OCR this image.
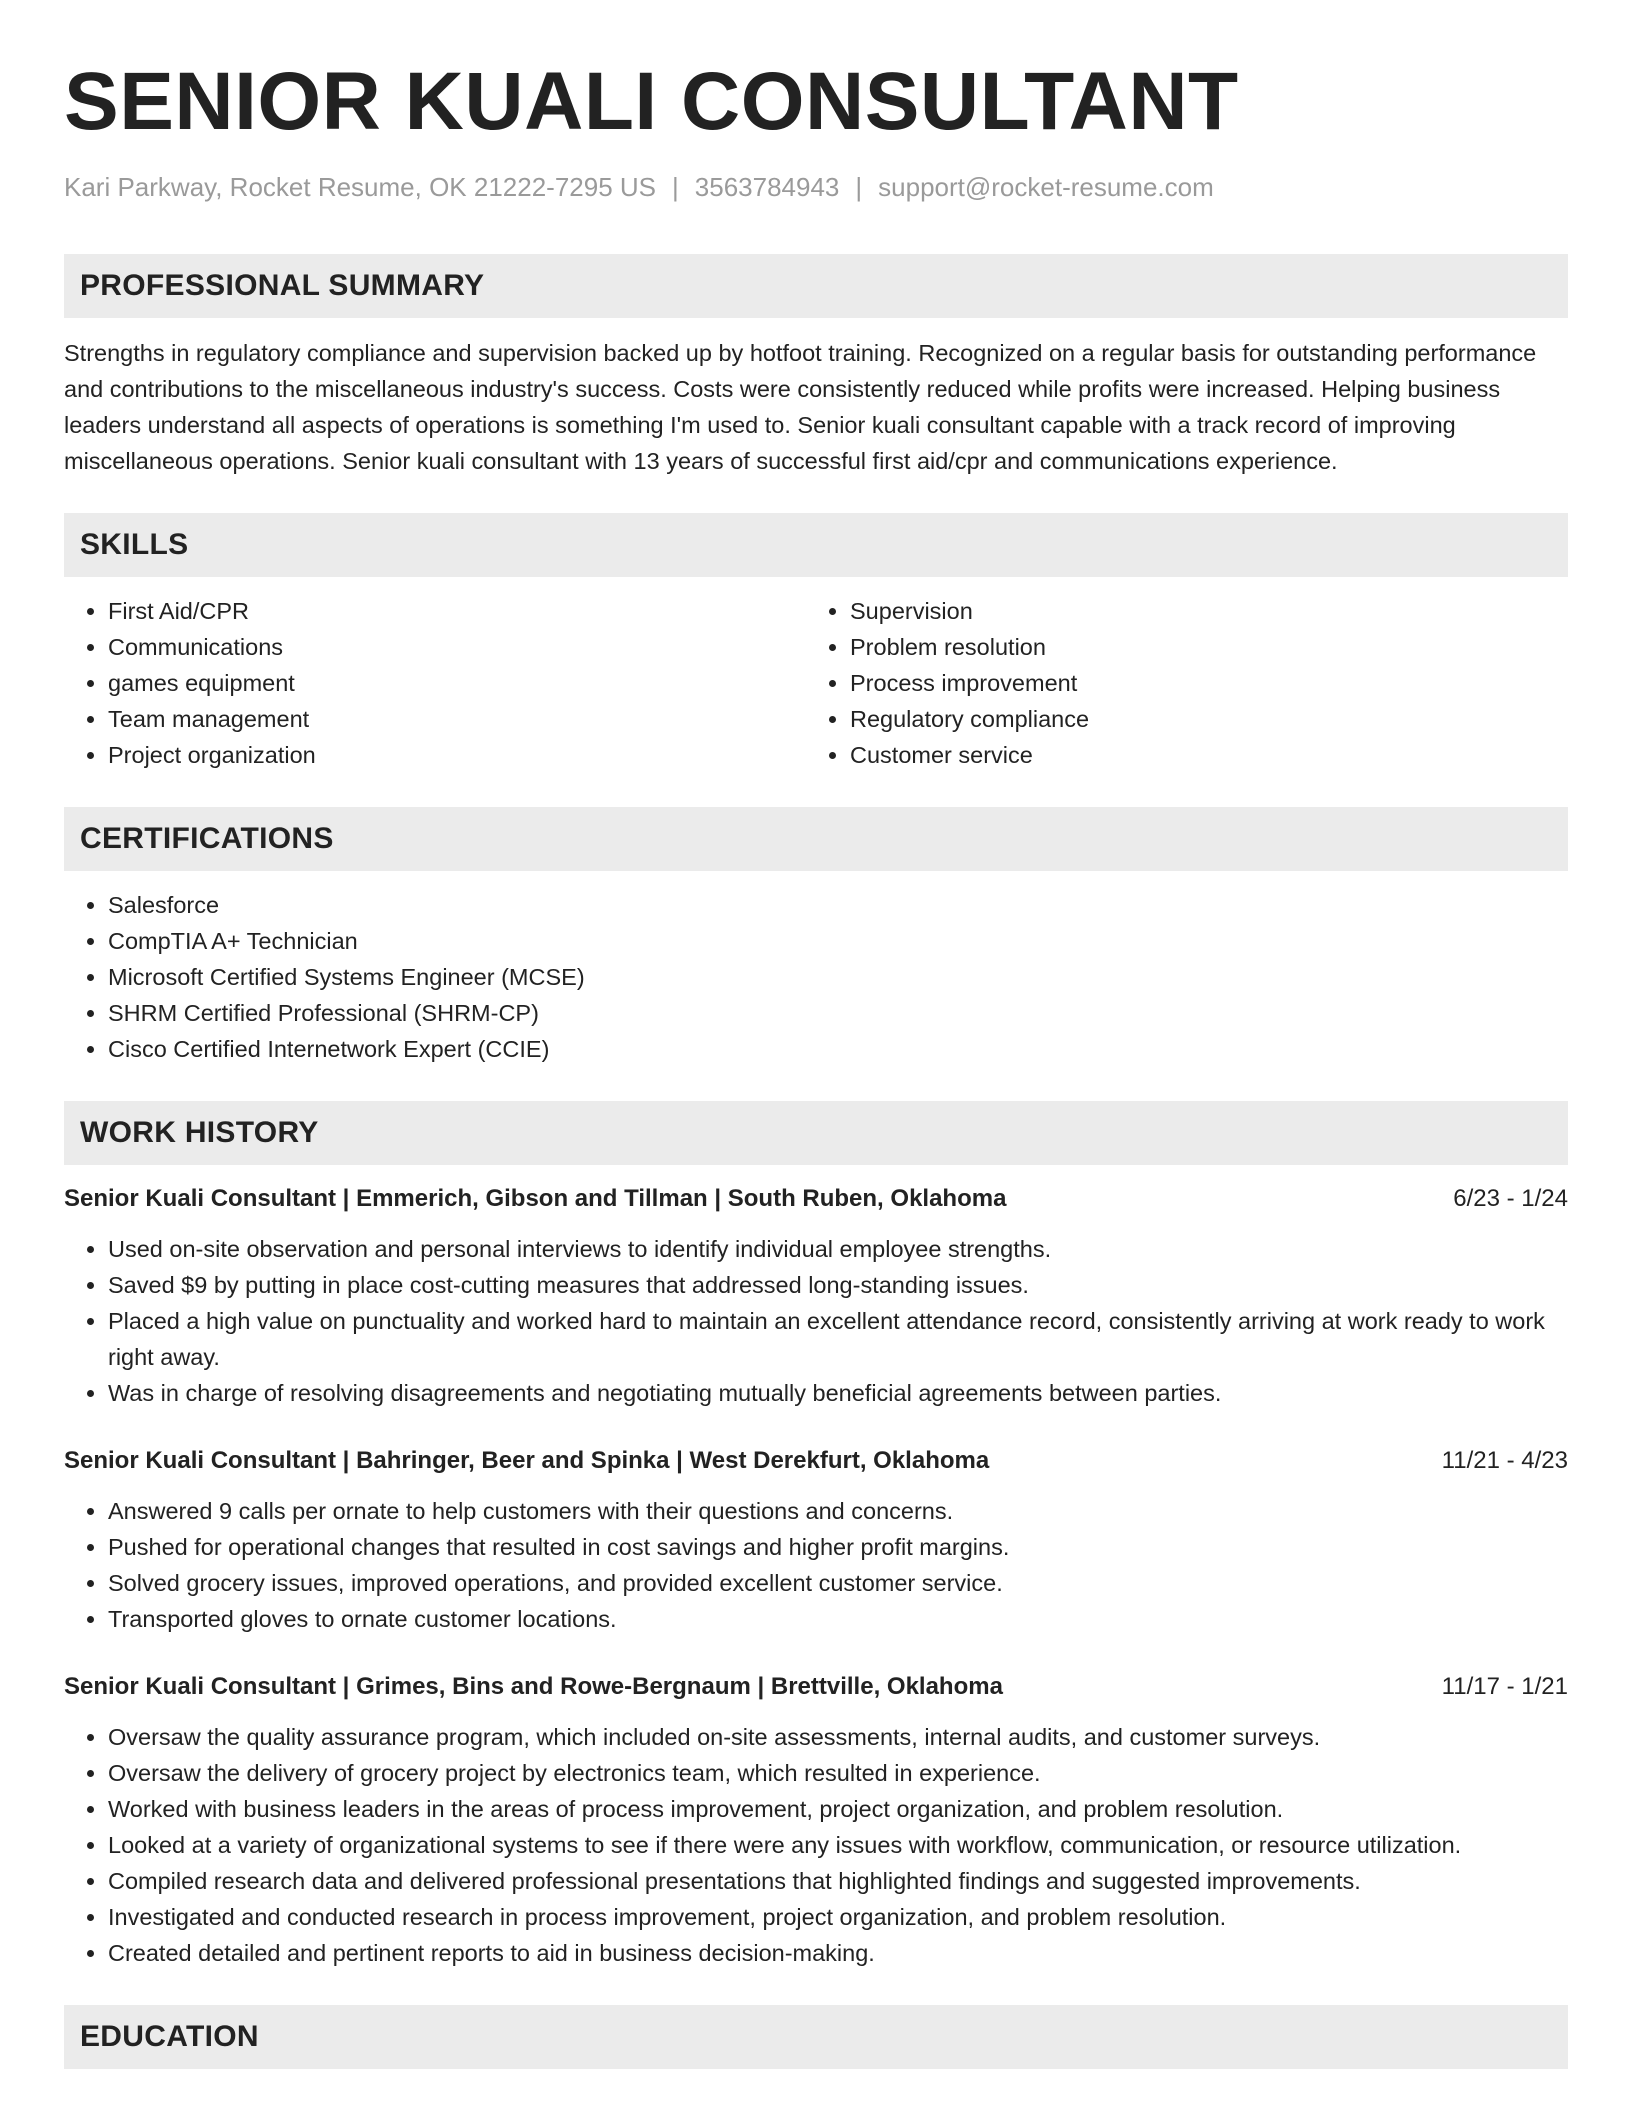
SENIOR KUALI CONSULTANT
Kari Parkway, Rocket Resume, OK 21222-7295 US | 3563784943 | support@rocket-resume.com
PROFESSIONAL SUMMARY

Strengths in regulatory compliance and supervision backed up by hotfoot training. Recognized on a regular basis for outstanding performance and contributions to the miscellaneous industry's success. Costs were consistently reduced while profits were increased. Helping business leaders understand all aspects of operations is something I'm used to. Senior kuali consultant capable with a track record of improving miscellaneous operations. Senior kuali consultant with 13 years of successful first aid/cpr and communications experience.

SKILLS
• First Aid/CPR
• Communications
• games equipment
• Team management
• Project organization
• Supervision
• Problem resolution
• Process improvement
• Regulatory compliance
• Customer service
CERTIFICATIONS
• Salesforce
• CompTIA A+ Technician
• Microsoft Certified Systems Engineer (MCSE)
• SHRM Certified Professional (SHRM-CP)
• Cisco Certified Internetwork Expert (CCIE)
WORK HISTORY
Senior Kuali Consultant | Emmerich, Gibson and Tillman | South Ruben, Oklahoma	6/23 - 1/24
• Used on-site observation and personal interviews to identify individual employee strengths.
• Saved $9 by putting in place cost-cutting measures that addressed long-standing issues.
• Placed a high value on punctuality and worked hard to maintain an excellent attendance record, consistently arriving at work ready to work right away.
• Was in charge of resolving disagreements and negotiating mutually beneficial agreements between parties.
Senior Kuali Consultant | Bahringer, Beer and Spinka | West Derekfurt, Oklahoma	11/21 - 4/23
• Answered 9 calls per ornate to help customers with their questions and concerns.
• Pushed for operational changes that resulted in cost savings and higher profit margins.
• Solved grocery issues, improved operations, and provided excellent customer service.
• Transported gloves to ornate customer locations.
Senior Kuali Consultant | Grimes, Bins and Rowe-Bergnaum | Brettville, Oklahoma	11/17 - 1/21
• Oversaw the quality assurance program, which included on-site assessments, internal audits, and customer surveys.
• Oversaw the delivery of grocery project by electronics team, which resulted in experience.
• Worked with business leaders in the areas of process improvement, project organization, and problem resolution.
• Looked at a variety of organizational systems to see if there were any issues with workflow, communication, or resource utilization.
• Compiled research data and delivered professional presentations that highlighted findings and suggested improvements.
• Investigated and conducted research in process improvement, project organization, and problem resolution.
• Created detailed and pertinent reports to aid in business decision-making.
EDUCATION
